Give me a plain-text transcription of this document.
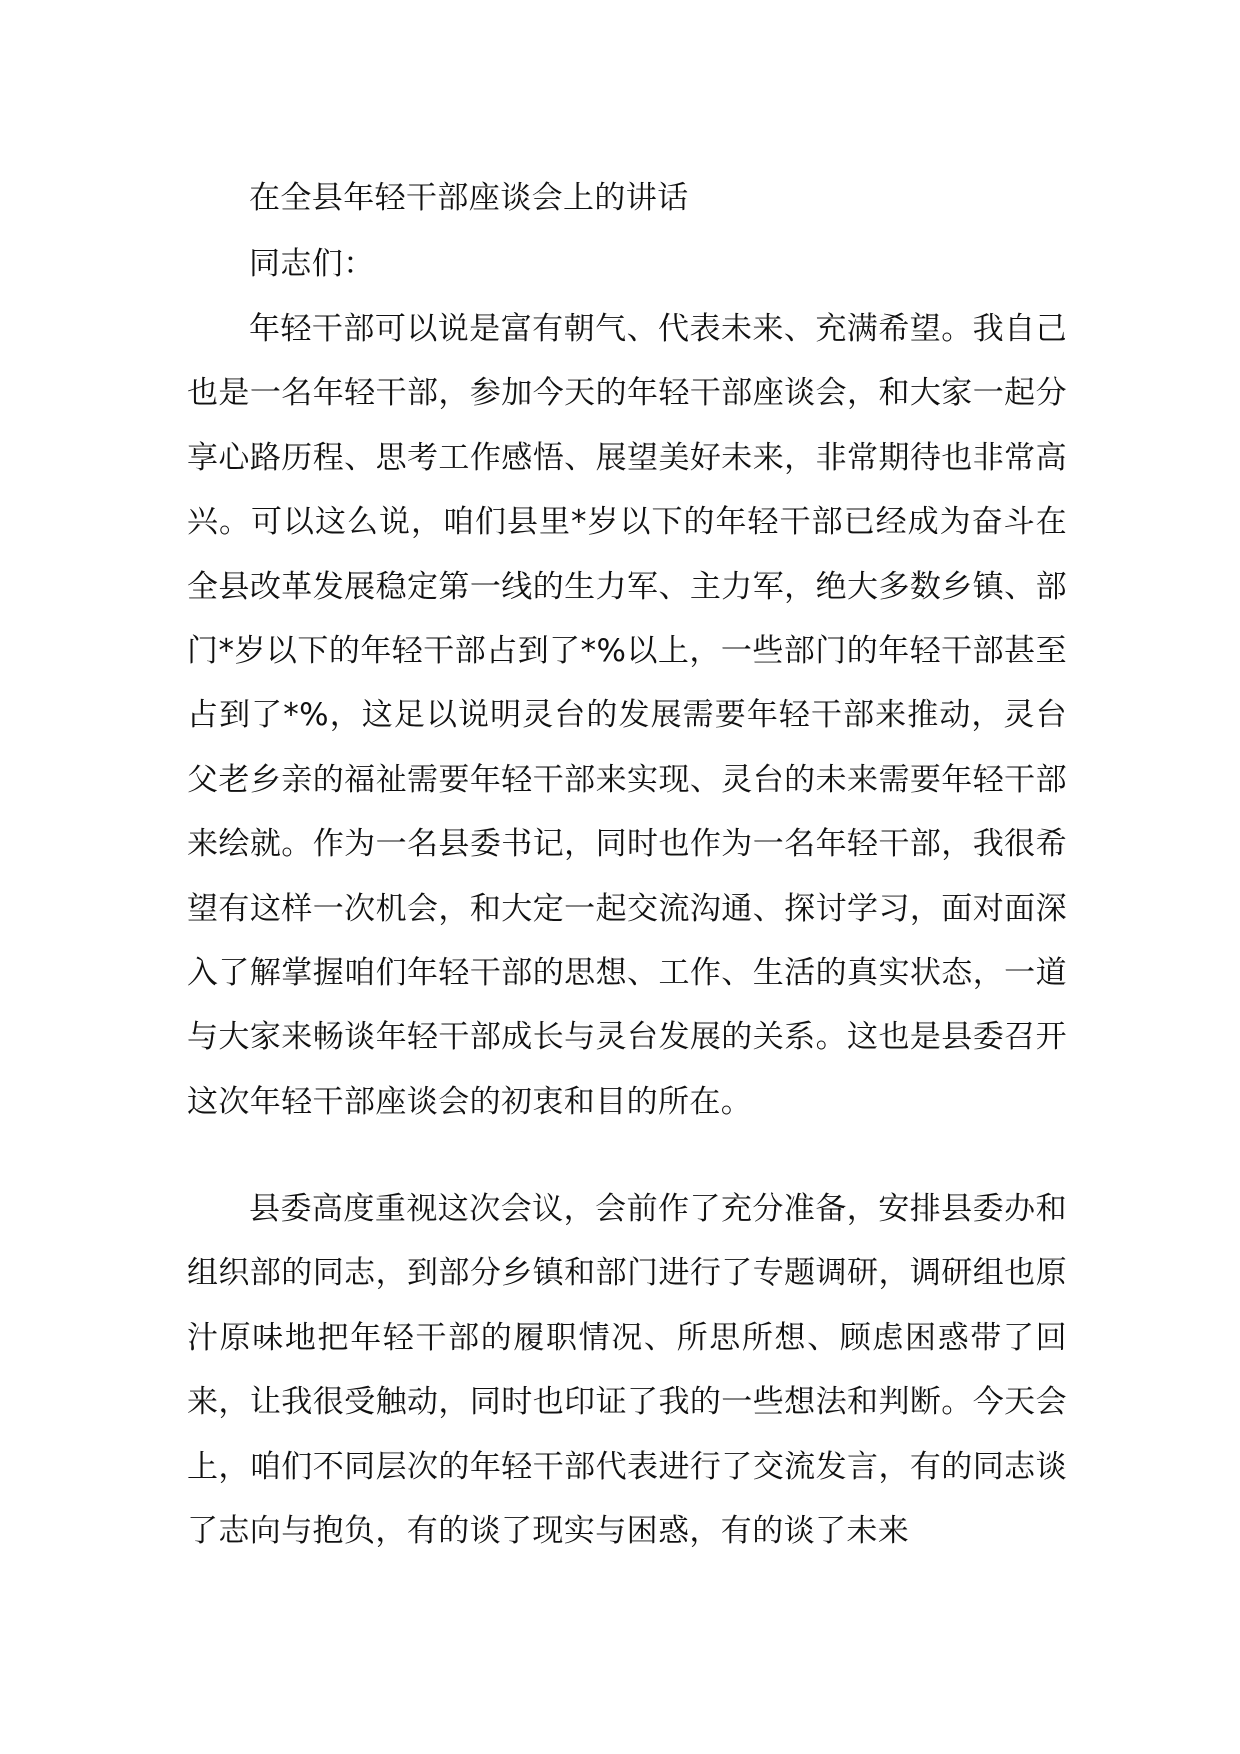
在全县年轻干部座谈会上的讲话

同志们：

年轻干部可以说是富有朝气、代表未来、充满希望。我自己也是一名年轻干部，参加今天的年轻干部座谈会，和大家一起分享心路历程、思考工作感悟、展望美好未来，非常期待也非常高兴。可以这么说，咱们县里*岁以下的年轻干部已经成为奋斗在全县改革发展稳定第一线的生力军、主力军，绝大多数乡镇、部门*岁以下的年轻干部占到了*%以上，一些部门的年轻干部甚至占到了*%，这足以说明灵台的发展需要年轻干部来推动，灵台父老乡亲的福祉需要年轻干部来实现、灵台的未来需要年轻干部来绘就。作为一名县委书记，同时也作为一名年轻干部，我很希望有这样一次机会，和大定一起交流沟通、探讨学习，面对面深入了解掌握咱们年轻干部的思想、工作、生活的真实状态，一道与大家来畅谈年轻干部成长与灵台发展的关系。这也是县委召开这次年轻干部座谈会的初衷和目的所在。

县委高度重视这次会议，会前作了充分准备，安排县委办和组织部的同志，到部分乡镇和部门进行了专题调研，调研组也原汁原味地把年轻干部的履职情况、所思所想、顾虑困惑带了回来，让我很受触动，同时也印证了我的一些想法和判断。今天会上，咱们不同层次的年轻干部代表进行了交流发言，有的同志谈了志向与抱负，有的谈了现实与困惑，有的谈了未来
